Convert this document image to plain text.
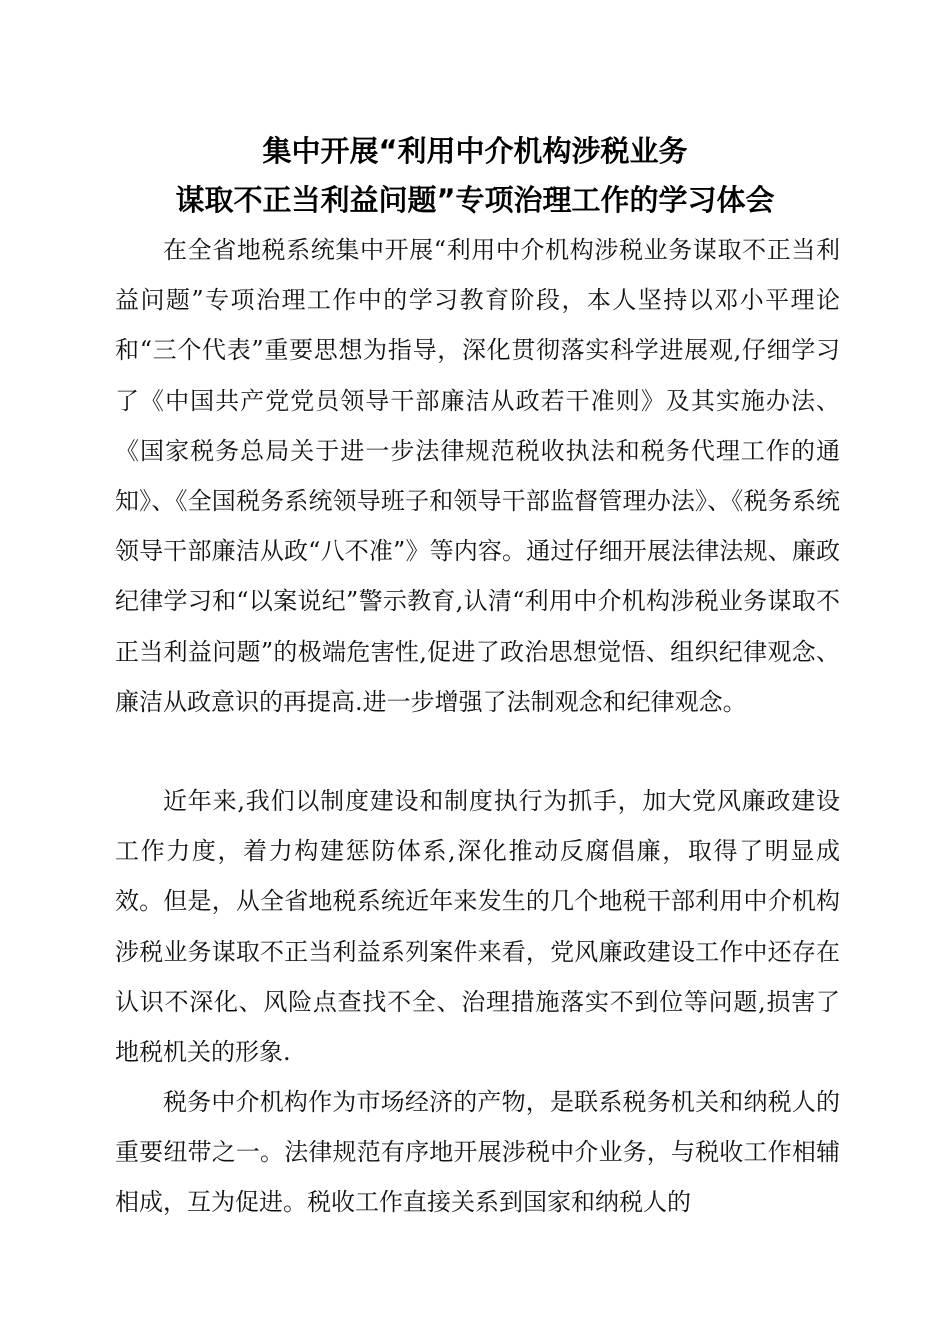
集中开展“利用中介机构涉税业务
谋取不正当利益问题”专项治理工作的学习体会

在全省地税系统集中开展“利用中介机构涉税业务谋取不正当利益问题”专项治理工作中的学习教育阶段，本人坚持以邓小平理论和“三个代表”重要思想为指导，深化贯彻落实科学进展观,仔细学习了《中国共产党党员领导干部廉洁从政若干准则》及其实施办法、《国家税务总局关于进一步法律规范税收执法和税务代理工作的通知》、《全国税务系统领导班子和领导干部监督管理办法》、《税务系统领导干部廉洁从政“八不准”》等内容。通过仔细开展法律法规、廉政纪律学习和“以案说纪”警示教育,认清“利用中介机构涉税业务谋取不正当利益问题”的极端危害性,促进了政治思想觉悟、组织纪律观念、廉洁从政意识的再提高.进一步增强了法制观念和纪律观念。

近年来,我们以制度建设和制度执行为抓手，加大党风廉政建设工作力度，着力构建惩防体系,深化推动反腐倡廉，取得了明显成效。但是，从全省地税系统近年来发生的几个地税干部利用中介机构涉税业务谋取不正当利益系列案件来看，党风廉政建设工作中还存在认识不深化、风险点查找不全、治理措施落实不到位等问题,损害了地税机关的形象.

税务中介机构作为市场经济的产物，是联系税务机关和纳税人的重要纽带之一。法律规范有序地开展涉税中介业务，与税收工作相辅相成，互为促进。税收工作直接关系到国家和纳税人的
